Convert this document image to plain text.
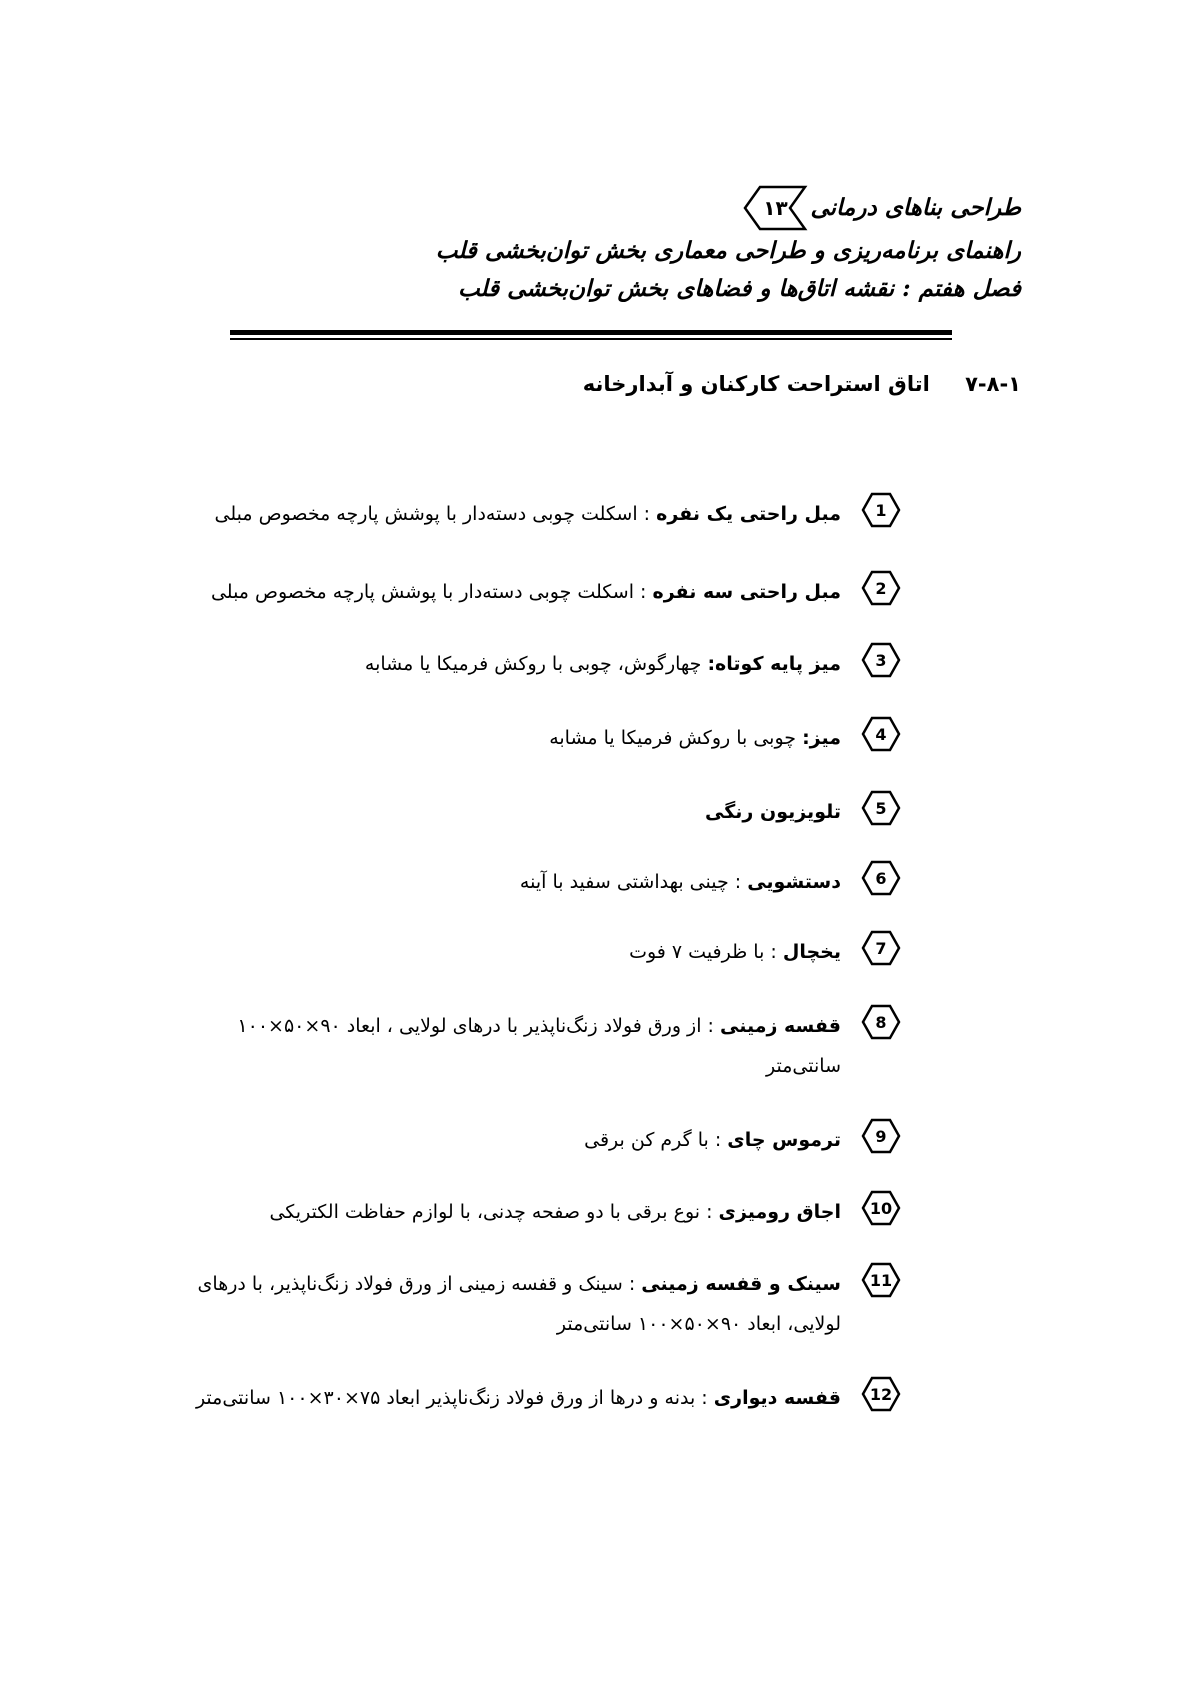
طراحی بناهای درمانی
۱۳
راهنمای برنامه‌ریزی و طراحی معماری بخش توان‌بخشی قلب
فصل هفتم : نقشه اتاق‌ها و فضاهای بخش توان‌بخشی قلب
۷-۸-۱ اتاق استراحت کارکنان و آبدارخانه
1
مبل راحتی یک نفره : اسکلت چوبی دسته‌دار با پوشش پارچه مخصوص مبلی
2
مبل راحتی سه نفره : اسکلت چوبی دسته‌دار با پوشش پارچه مخصوص مبلی
3
میز پایه کوتاه: چهارگوش، چوبی با روکش فرمیکا یا مشابه
4
میز: چوبی با روکش فرمیکا یا مشابه
5
تلویزیون رنگی
6
دستشویی : چینی بهداشتی سفید با آینه
7
یخچال : با ظرفیت ۷ فوت
8
قفسه زمینی : از ورق فولاد زنگ‌ناپذیر با درهای لولایی ، ابعاد ۹۰×۵۰×۱۰۰ سانتی‌متر
9
ترموس چای : با گرم کن برقی
10
اجاق رومیزی : نوع برقی با دو صفحه چدنی، با لوازم حفاظت الکتریکی
11
سینک و قفسه زمینی : سینک و قفسه زمینی از ورق فولاد زنگ‌ناپذیر، با درهای لولایی، ابعاد ۹۰×۵۰×۱۰۰ سانتی‌متر
12
قفسه دیواری : بدنه و درها از ورق فولاد زنگ‌ناپذیر ابعاد ۷۵×۳۰×۱۰۰ سانتی‌متر
